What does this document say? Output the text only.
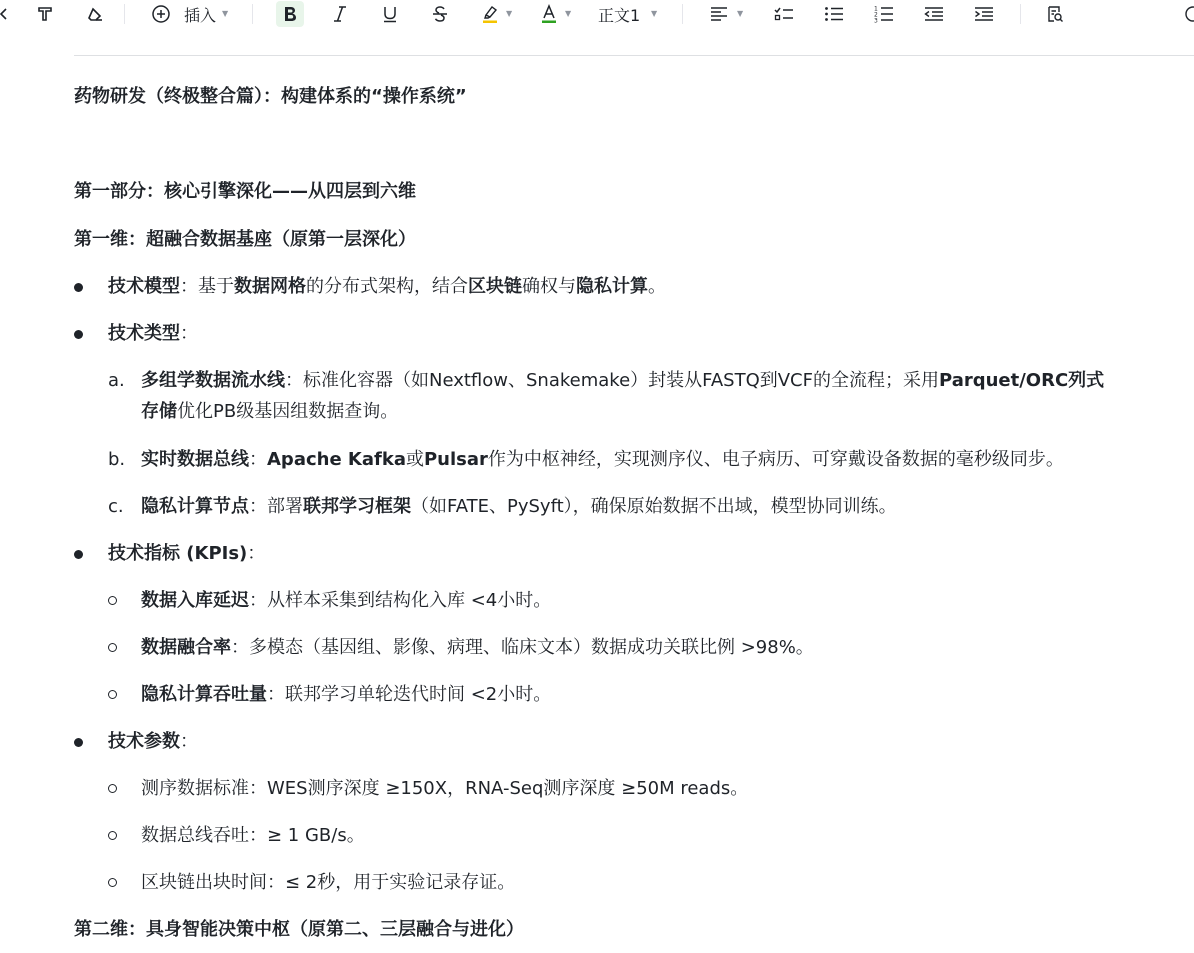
插入 ▼	▼	▼ 正文1 ▼	▼	1
2
3
药物研发（终极整合篇）：构建体系的“操作系统”
第一部分：核心引擎深化——从四层到六维
第一维：超融合数据基座（原第一层深化）
技术模型：基于数据网格的分布式架构，结合区块链确权与隐私计算。
技术类型：
a. 多组学数据流水线：标准化容器（如Nextflow、Snakemake）封装从FASTQ到VCF的全流程；采用Parquet/ORC列式
存储优化PB级基因组数据查询。
b. 实时数据总线：Apache Kafka或Pulsar作为中枢神经，实现测序仪、电子病历、可穿戴设备数据的毫秒级同步。
c. 隐私计算节点：部署联邦学习框架（如FATE、PySyft），确保原始数据不出域，模型协同训练。
技术指标 (KPIs)：
数据入库延迟：从样本采集到结构化入库 <4小时。
数据融合率：多模态（基因组、影像、病理、临床文本）数据成功关联比例 >98%。
隐私计算吞吐量：联邦学习单轮迭代时间 <2小时。
技术参数：
测序数据标准：WES测序深度 ≥150X，RNA-Seq测序深度 ≥50M reads。
数据总线吞吐：≥ 1 GB/s。
区块链出块时间：≤ 2秒，用于实验记录存证。
第二维：具身智能决策中枢（原第二、三层融合与进化）
